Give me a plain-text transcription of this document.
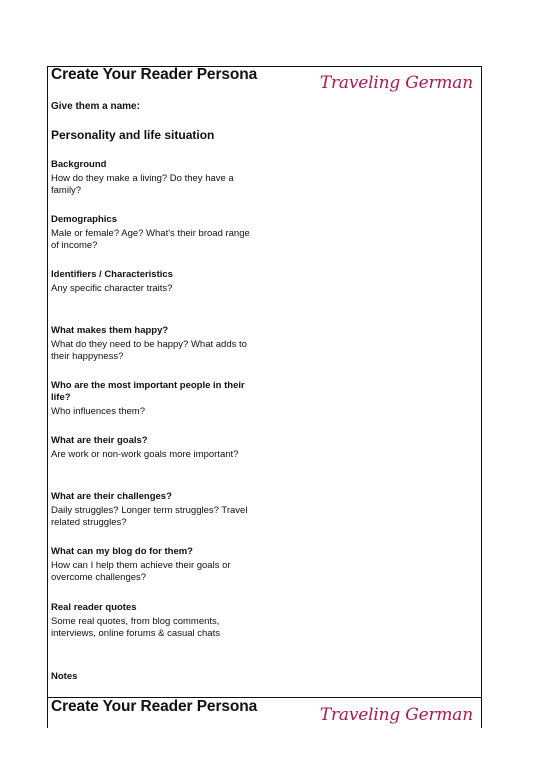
Create Your Reader Persona	Traveling German
Give them a name:
Personality and life situation
Background
How do they make a living? Do they have a family?
Demographics
Male or female? Age? What's their broad range of income?
Identifiers / Characteristics
Any specific character traits?
What makes them happy?
What do they need to be happy? What adds to their happyness?
Who are the most important people in their life?
Who influences them?
What are their goals?
Are work or non-work goals more important?
What are their challenges?
Daily struggles? Longer term struggles? Travel related struggles?
What can my blog do for them?
How can I help them achieve their goals or overcome challenges?
Real reader quotes
Some real quotes, from blog comments, interviews, online forums & casual chats
Notes
Create Your Reader Persona	Traveling German
